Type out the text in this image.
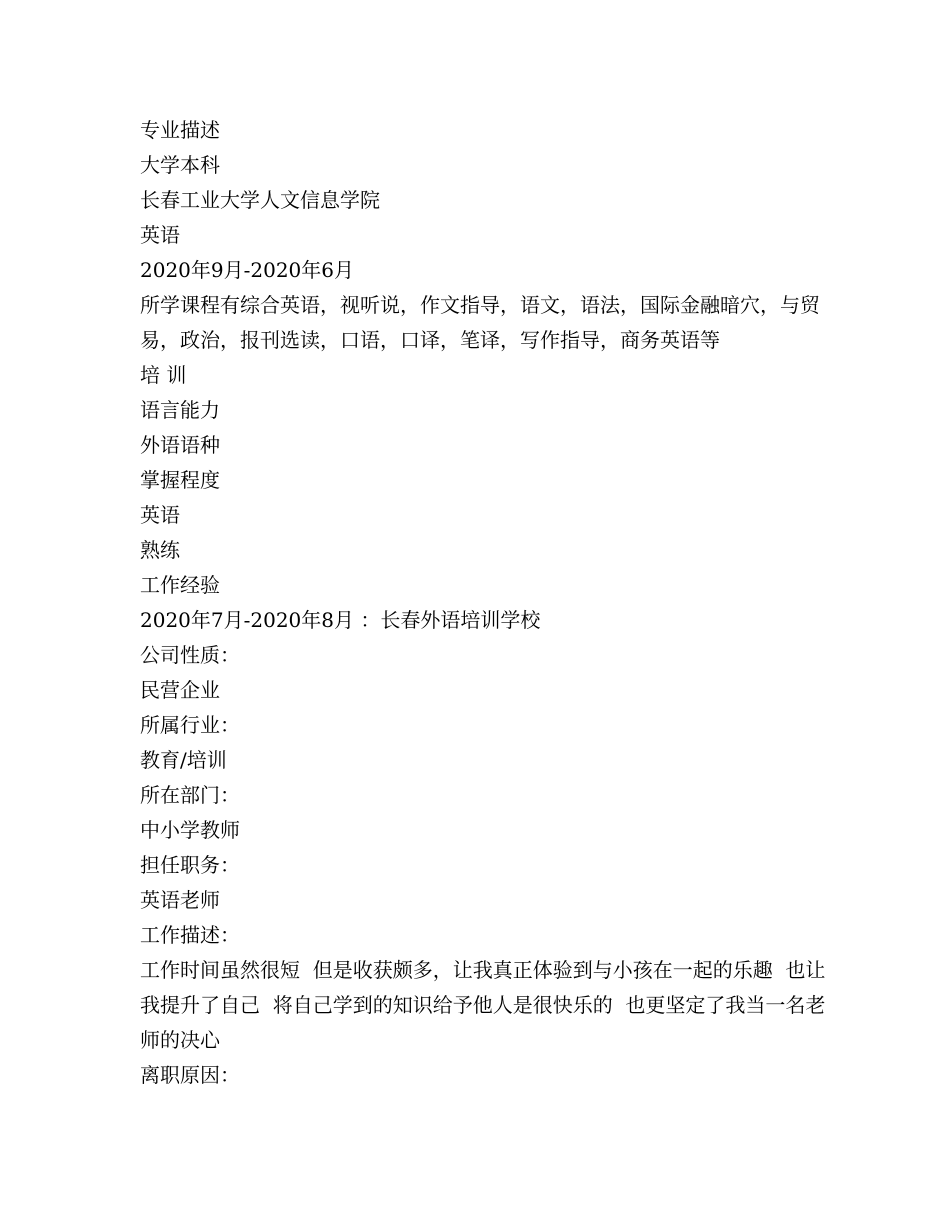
专业描述
大学本科
长春工业大学人文信息学院
英语
2020年9月-2020年6月
所学课程有综合英语，视听说，作文指导，语文，语法，国际金融暗穴，与贸易，政治，报刊选读，口语，口译，笔译，写作指导，商务英语等
培 训
语言能力
外语语种
掌握程度
英语
熟练
工作经验
2020年7月-2020年8月 ：长春外语培训学校
公司性质：
民营企业
所属行业：
教育/培训
所在部门：
中小学教师
担任职务：
英语老师
工作描述：
工作时间虽然很短  但是收获颇多，让我真正体验到与小孩在一起的乐趣  也让我提升了自己  将自己学到的知识给予他人是很快乐的  也更坚定了我当一名老师的决心
离职原因：
